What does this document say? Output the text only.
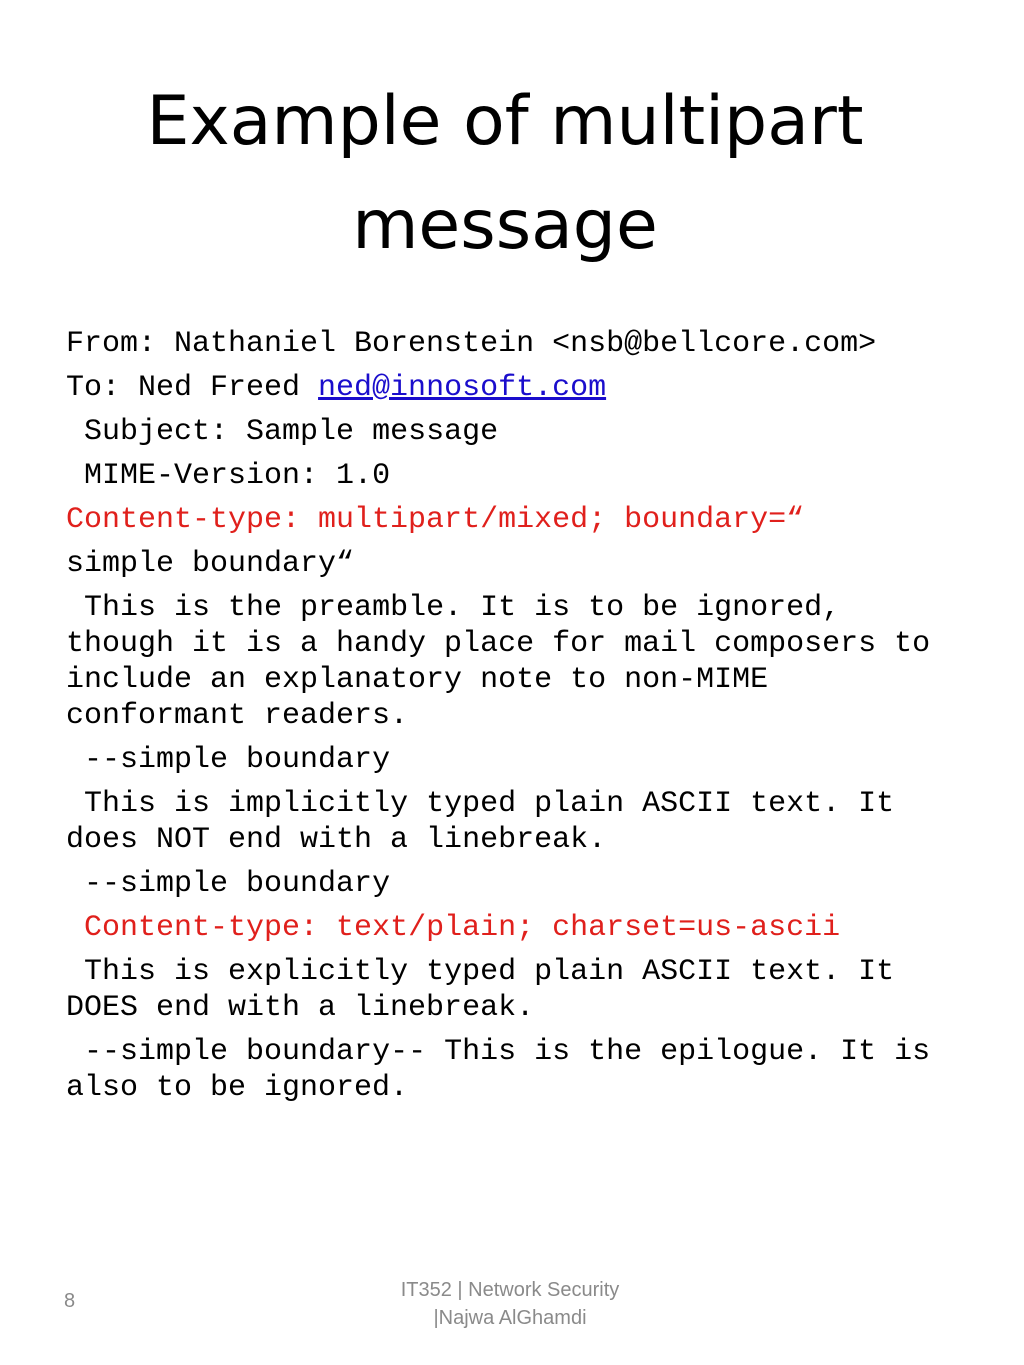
Example of multipart message

From: Nathaniel Borenstein <nsb@bellcore.com>

To: Ned Freed ned@innosoft.com

Subject: Sample message

MIME-Version: 1.0

Content-type: multipart/mixed; boundary=“

simple boundary“

This is the preamble. It is to be ignored, though it is a handy place for mail composers to include an explanatory note to non-MIME conformant readers.

--simple boundary

This is implicitly typed plain ASCII text. It does NOT end with a linebreak.

--simple boundary

Content-type: text/plain; charset=us-ascii

This is explicitly typed plain ASCII text. It DOES end with a linebreak.

--simple boundary-- This is the epilogue. It is also to be ignored.

8	IT352 | Network Security
|Najwa AlGhamdi
